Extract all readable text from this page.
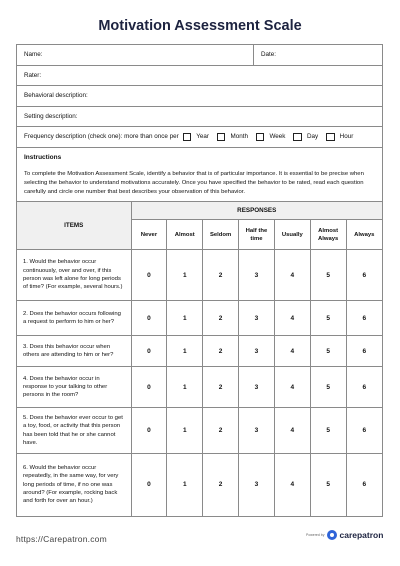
Motivation Assessment Scale
Name:	Date:
Rater:
Behavioral description:
Setting description:
Frequency description (check one): more than once per	Year	Month	Week	Day	Hour
Instructions
To complete the Motivation Assessment Scale, identify a behavior that is of particular importance. It is essential to be precise when selecting the behavior to understand motivations accurately. Once you have specified the behavior to be rated, read each question carefully and circle one number that best describes your observation of this behavior.
ITEMS	RESPONSES						
	Never	Almost	Seldom	Half the time	Usually	Almost Always	Always
1. Would the behavior occur continuously, over and over, if this person was left alone for long periods of time? (For example, several hours.)	0	1	2	3	4	5	6
2. Does the behavior occurs following a request to perform to him or her?	0	1	2	3	4	5	6
3. Does this behavior occur when others are attending to him or her?	0	1	2	3	4	5	6
4. Does the behavior occur in response to your talking to other persons in the room?	0	1	2	3	4	5	6
5. Does the behavior ever occur to get a toy, food, or activity that this person has been told that he or she cannot have.	0	1	2	3	4	5	6
6. Would the behavior occur repeatedly, in the same way, for very long periods of time, if no one was around? (For example, rocking back and forth for over an hour.)	0	1	2	3	4	5	6
https://Carepatron.com	Powered by carepatron
